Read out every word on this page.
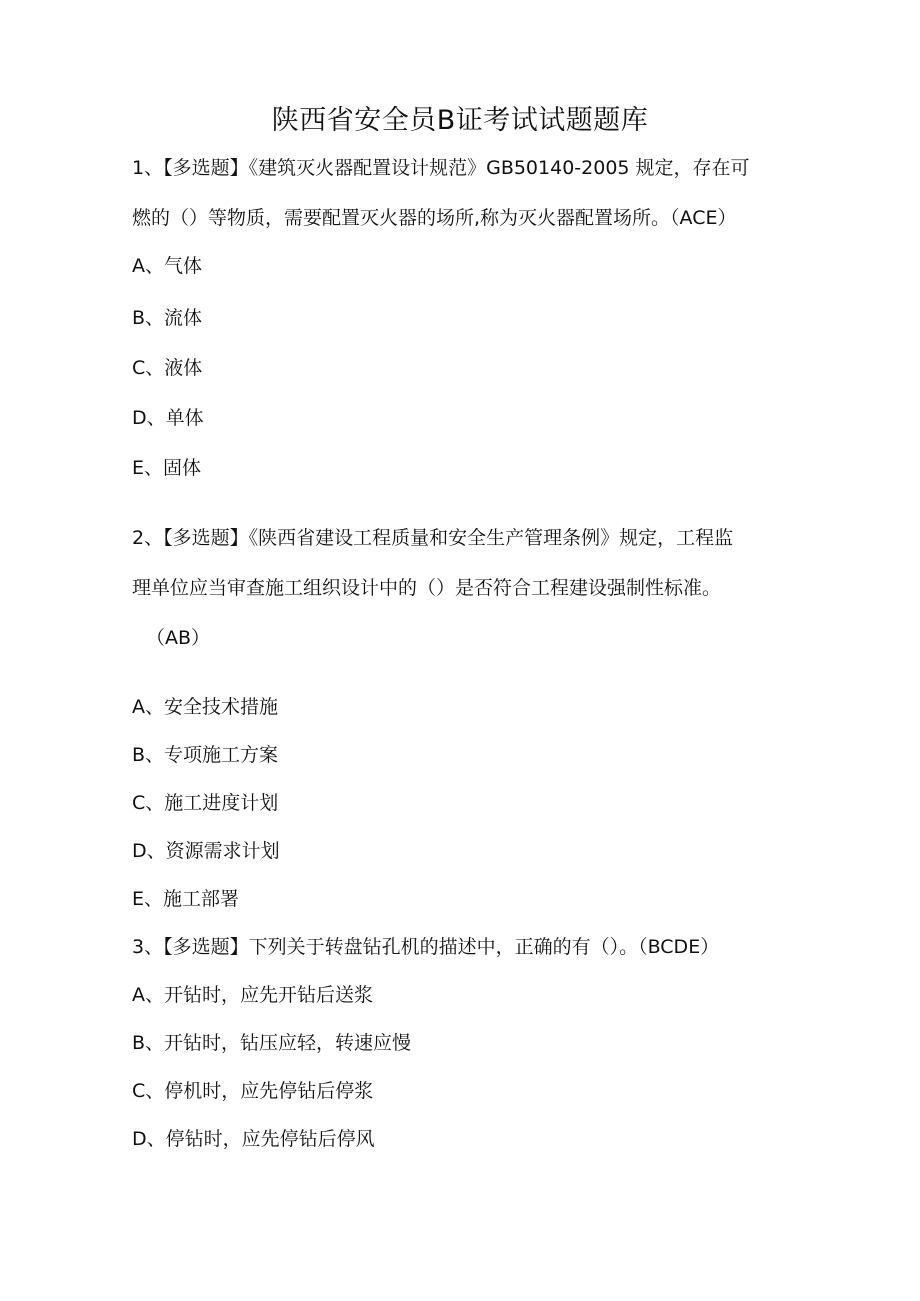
陕西省安全员B证考试试题题库
1、【多选题】《建筑灭火器配置设计规范》GB50140-2005 规定，存在可
燃的（）等物质，需要配置灭火器的场所,称为灭火器配置场所。（ACE）
A、气体
B、流体
C、液体
D、单体
E、固体
2、【多选题】《陕西省建设工程质量和安全生产管理条例》规定，工程监
理单位应当审查施工组织设计中的（）是否符合工程建设强制性标准。
（AB）
A、安全技术措施
B、专项施工方案
C、施工进度计划
D、资源需求计划
E、施工部署
3、【多选题】下列关于转盘钻孔机的描述中，正确的有（）。（BCDE）
A、开钻时，应先开钻后送浆
B、开钻时，钻压应轻，转速应慢
C、停机时，应先停钻后停浆
D、停钻时，应先停钻后停风
